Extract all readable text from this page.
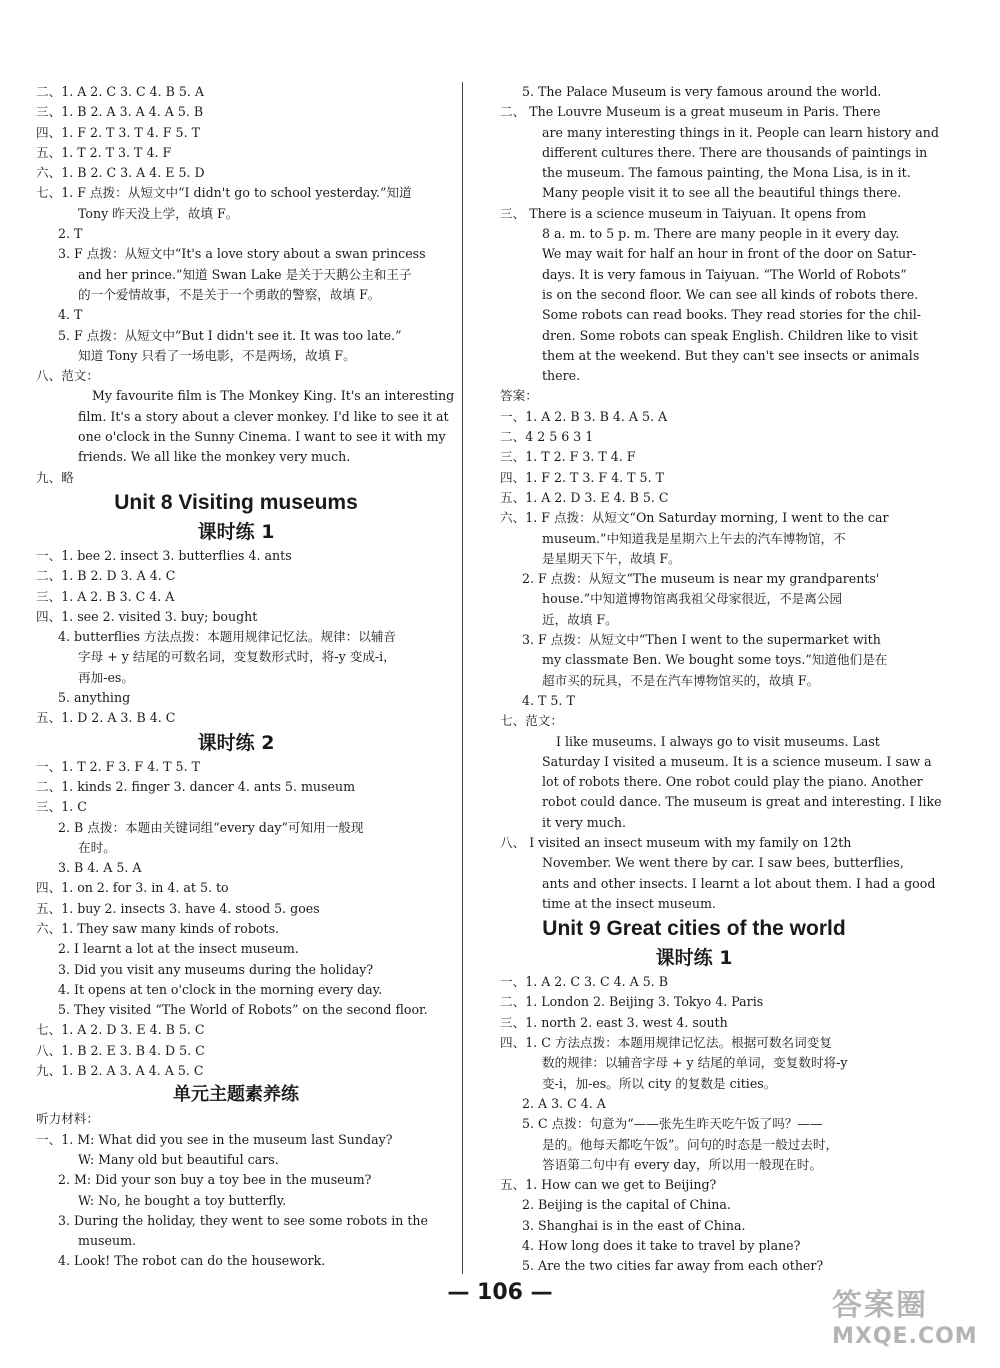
二、1. A 2. C 3. C 4. B 5. A
三、1. B 2. A 3. A 4. A 5. B
四、1. F 2. T 3. T 4. F 5. T
五、1. T 2. T 3. T 4. F
六、1. B 2. C 3. A 4. E 5. D
七、1. F 点拨：从短文中“I didn't go to school yesterday.”知道
Tony 昨天没上学，故填 F。
2. T
3. F 点拨：从短文中“It's a love story about a swan princess
and her prince.”知道 Swan Lake 是关于天鹅公主和王子
的一个爱情故事，不是关于一个勇敢的警察，故填 F。
4. T
5. F 点拨：从短文中“But I didn't see it. It was too late.”
知道 Tony 只看了一场电影，不是两场，故填 F。
八、范文：
My favourite film is The Monkey King. It's an interesting
film. It's a story about a clever monkey. I'd like to see it at
one o'clock in the Sunny Cinema. I want to see it with my
friends. We all like the monkey very much.
九、略
Unit 8 Visiting museums
课时练 1
一、1. bee 2. insect 3. butterflies 4. ants
二、1. B 2. D 3. A 4. C
三、1. A 2. B 3. C 4. A
四、1. see 2. visited 3. buy; bought
4. butterflies 方法点拨：本题用规律记忆法。规律：以辅音
字母 + y 结尾的可数名词，变复数形式时，将-y 变成-i，
再加-es。
5. anything
五、1. D 2. A 3. B 4. C
课时练 2
一、1. T 2. F 3. F 4. T 5. T
二、1. kinds 2. finger 3. dancer 4. ants 5. museum
三、1. C
2. B 点拨：本题由关键词组“every day”可知用一般现
在时。
3. B 4. A 5. A
四、1. on 2. for 3. in 4. at 5. to
五、1. buy 2. insects 3. have 4. stood 5. goes
六、1. They saw many kinds of robots.
2. I learnt a lot at the insect museum.
3. Did you visit any museums during the holiday?
4. It opens at ten o'clock in the morning every day.
5. They visited “The World of Robots” on the second floor.
七、1. A 2. D 3. E 4. B 5. C
八、1. B 2. E 3. B 4. D 5. C
九、1. B 2. A 3. A 4. A 5. C
单元主题素养练
听力材料：
一、1. M: What did you see in the museum last Sunday?
W: Many old but beautiful cars.
2. M: Did your son buy a toy bee in the museum?
W: No, he bought a toy butterfly.
3. During the holiday, they went to see some robots in the
museum.
4. Look! The robot can do the housework.
5. The Palace Museum is very famous around the world.
二、 The Louvre Museum is a great museum in Paris. There
are many interesting things in it. People can learn history and
different cultures there. There are thousands of paintings in
the museum. The famous painting, the Mona Lisa, is in it.
Many people visit it to see all the beautiful things there.
三、 There is a science museum in Taiyuan. It opens from
8 a. m. to 5 p. m. There are many people in it every day.
We may wait for half an hour in front of the door on Satur-
days. It is very famous in Taiyuan. “The World of Robots”
is on the second floor. We can see all kinds of robots there.
Some robots can read books. They read stories for the chil-
dren. Some robots can speak English. Children like to visit
them at the weekend. But they can't see insects or animals
there.
答案：
一、1. A 2. B 3. B 4. A 5. A
二、4 2 5 6 3 1
三、1. T 2. F 3. T 4. F
四、1. F 2. T 3. F 4. T 5. T
五、1. A 2. D 3. E 4. B 5. C
六、1. F 点拨：从短文“On Saturday morning, I went to the car
museum.”中知道我是星期六上午去的汽车博物馆，不
是星期天下午，故填 F。
2. F 点拨：从短文“The museum is near my grandparents'
house.”中知道博物馆离我祖父母家很近，不是离公园
近，故填 F。
3. F 点拨：从短文中“Then I went to the supermarket with
my classmate Ben. We bought some toys.”知道他们是在
超市买的玩具，不是在汽车博物馆买的，故填 F。
4. T 5. T
七、范文：
I like museums. I always go to visit museums. Last
Saturday I visited a museum. It is a science museum. I saw a
lot of robots there. One robot could play the piano. Another
robot could dance. The museum is great and interesting. I like
it very much.
八、 I visited an insect museum with my family on 12th
November. We went there by car. I saw bees, butterflies,
ants and other insects. I learnt a lot about them. I had a good
time at the insect museum.
Unit 9 Great cities of the world
课时练 1
一、1. A 2. C 3. C 4. A 5. B
二、1. London 2. Beijing 3. Tokyo 4. Paris
三、1. north 2. east 3. west 4. south
四、1. C 方法点拨：本题用规律记忆法。根据可数名词变复
数的规律：以辅音字母 + y 结尾的单词，变复数时将-y
变-i，加-es。所以 city 的复数是 cities。
2. A 3. C 4. A
5. C 点拨：句意为“——张先生昨天吃午饭了吗？——
是的。他每天都吃午饭”。问句的时态是一般过去时，
答语第二句中有 every day，所以用一般现在时。
五、1. How can we get to Beijing?
2. Beijing is the capital of China.
3. Shanghai is in the east of China.
4. How long does it take to travel by plane?
5. Are the two cities far away from each other?
— 106 —	答案圈
MXQE.COM
